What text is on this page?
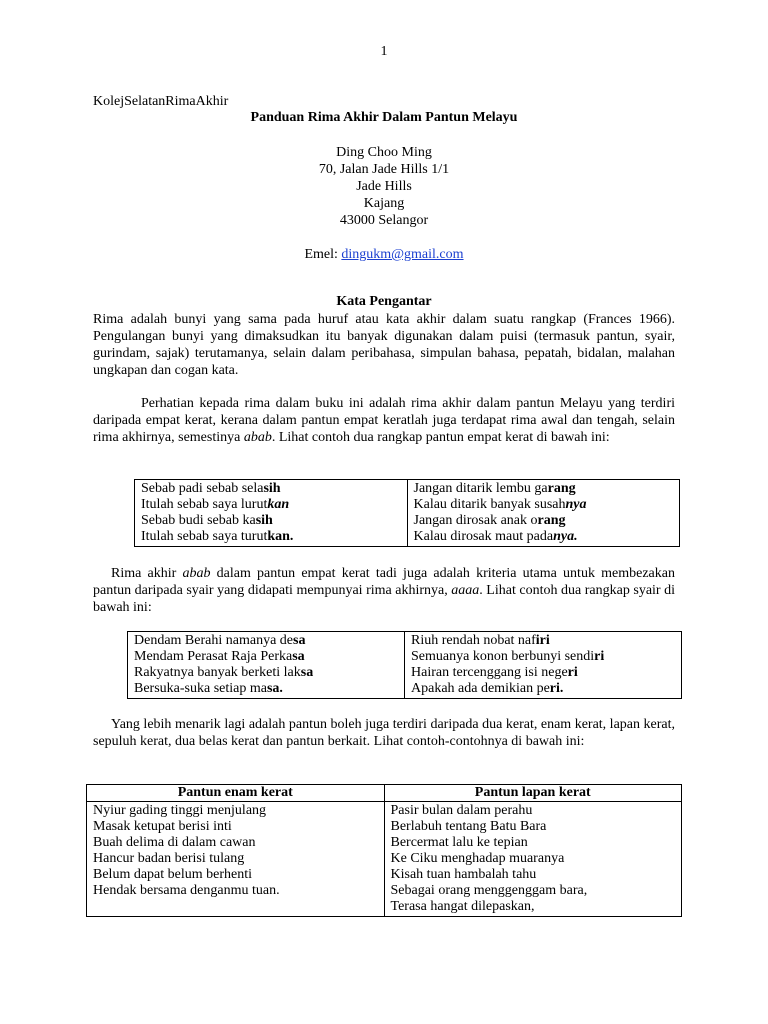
1
KolejSelatanRimaAkhir
Panduan Rima Akhir Dalam Pantun Melayu
Ding Choo Ming
70, Jalan Jade Hills 1/1
Jade Hills
Kajang
43000 Selangor
Emel: dingukm@gmail.com
Kata Pengantar
Rima adalah bunyi yang sama pada huruf atau kata akhir dalam suatu rangkap (Frances 1966). Pengulangan bunyi yang dimaksudkan itu banyak digunakan dalam puisi (termasuk pantun, syair, gurindam, sajak) terutamanya, selain dalam peribahasa, simpulan bahasa, pepatah, bidalan, malahan ungkapan dan cogan kata.
Perhatian kepada rima dalam buku ini adalah rima akhir dalam pantun Melayu yang terdiri daripada empat kerat, kerana dalam pantun empat keratlah juga terdapat rima awal dan tengah, selain rima akhirnya, semestinya abab. Lihat contoh dua rangkap pantun empat kerat di bawah ini:
Sebab padi sebab selasih	Jangan ditarik lembu garang
Itulah sebab saya lurutkan	Kalau ditarik banyak susahnya
Sebab budi sebab kasih	Jangan dirosak anak orang
Itulah sebab saya turutkan.	Kalau dirosak maut padanya.
Rima akhir abab dalam pantun empat kerat tadi juga adalah kriteria utama untuk membezakan pantun daripada syair yang didapati mempunyai rima akhirnya, aaaa. Lihat contoh dua rangkap syair di bawah ini:
Dendam Berahi namanya desa	Riuh rendah nobat nafiri
Mendam Perasat Raja Perkasa	Semuanya konon berbunyi sendiri
Rakyatnya banyak berketi laksa	Hairan tercenggang isi negeri
Bersuka-suka setiap masa.	Apakah ada demikian peri.
Yang lebih menarik lagi adalah pantun boleh juga terdiri daripada dua kerat, enam kerat, lapan kerat, sepuluh kerat, dua belas kerat dan pantun berkait. Lihat contoh-contohnya di bawah ini:
Pantun enam kerat	Pantun lapan kerat
Nyiur gading tinggi menjulang	Pasir bulan dalam perahu
Masak ketupat berisi inti	Berlabuh tentang Batu Bara
Buah delima di dalam cawan	Bercermat lalu ke tepian
Hancur badan berisi tulang	Ke Ciku menghadap muaranya
Belum dapat belum berhenti	Kisah tuan hambalah tahu
Hendak bersama denganmu tuan.	Sebagai orang menggenggam bara,
	Terasa hangat dilepaskan,
